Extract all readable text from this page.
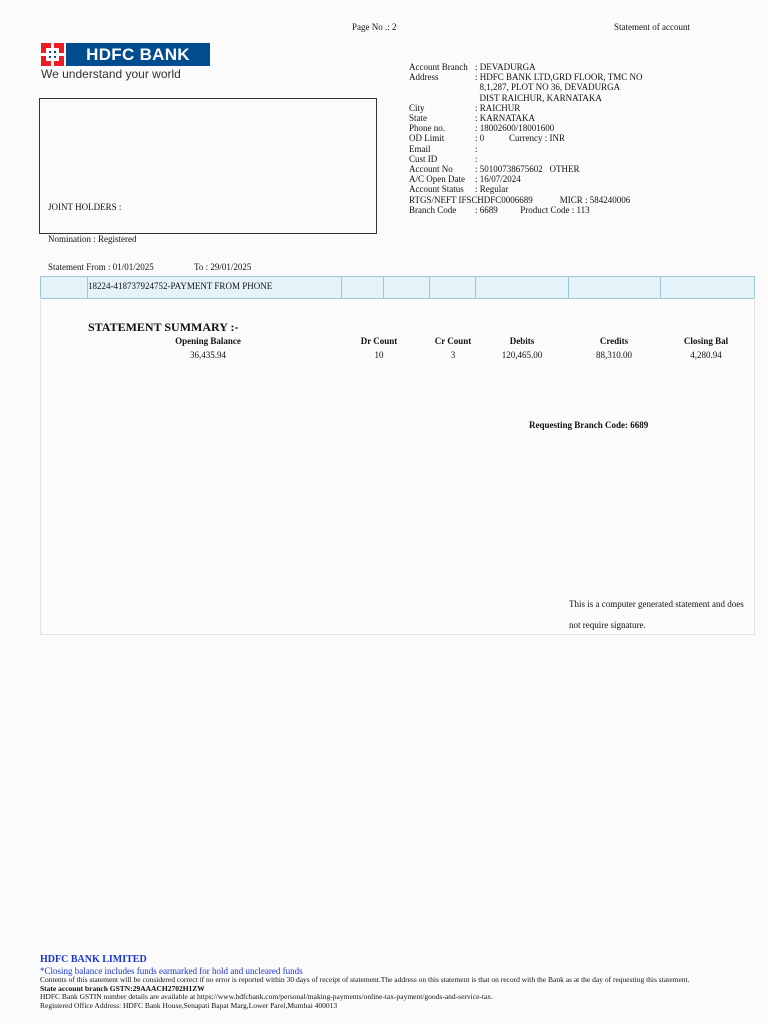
Page No .: 2	Statement of account
HDFC BANK
We understand your world
JOINT HOLDERS :
Nomination : Registered
Account Branch : DEVADURGA
Address	: HDFC BANK LTD,GRD FLOOR, TMC NO
8,1,287, PLOT NO 36, DEVADURGA
DIST RAICHUR, KARNATAKA
City	: RAICHUR
State	: KARNATAKA
Phone no.	: 18002600/18001600
OD Limit	: 0           Currency : INR
Email	:
Cust ID	:
Account No	: 50100738675602   OTHER
A/C Open Date	: 16/07/2024
Account Status	: Regular
RTGS/NEFT IFSC:
HDFC0006689            MICR : 584240006
Branch Code	: 6689          Product Code : 113
Statement From : 01/01/2025	To : 29/01/2025
18224-418737924752-PAYMENT FROM PHONE
STATEMENT SUMMARY :-
Opening Balance	Dr Count	Cr Count	Debits	Credits	Closing Bal
36,435.94	10	3	120,465.00	88,310.00	4,280.94
Requesting Branch Code: 6689
This is a computer generated statement and does
not require signature.
HDFC BANK LIMITED
*Closing balance includes funds earmarked for hold and uncleared funds
Contents of this statement will be considered correct if no error is reported within 30 days of receipt of statement.The address on this statement is that on record with the Bank as at the day of requesting this statement.
State account branch GSTN:29AAACH2702H1ZW
HDFC Bank GSTIN number details are available at https://www.hdfcbank.com/personal/making-payments/online-tax-payment/goods-and-service-tax.
Registered Office Address: HDFC Bank House,Senapati Bapat Marg,Lower Parel,Mumbai 400013
